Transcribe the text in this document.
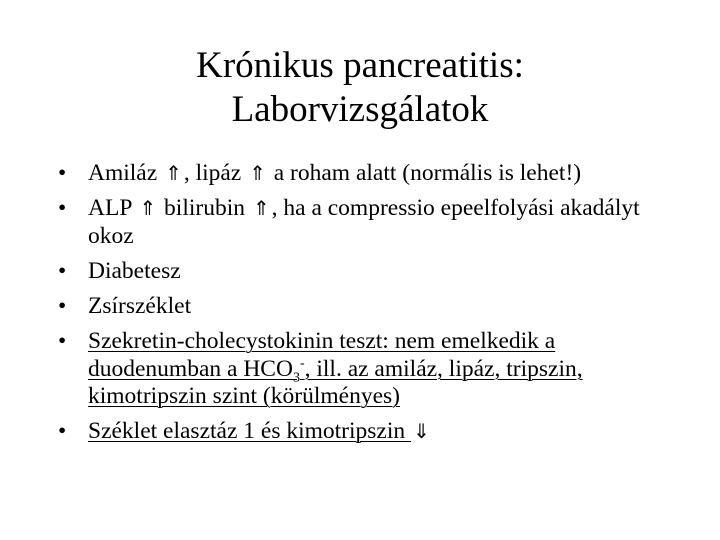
Krónikus pancreatitis:
Laborvizsgálatok
• Amiláz ⇑, lipáz ⇑ a roham alatt (normális is lehet!)
• ALP ⇑ bilirubin ⇑, ha a compressio epeelfolyási akadályt okoz
• Diabetesz
• Zsírszéklet
• Szekretin-cholecystokinin teszt: nem emelkedik a duodenumban a $HCO_3^-$, ill. az amiláz, lipáz, tripszin, kimotripszin szint (körülményes)
• Széklet elasztáz 1 és kimotripszin ⇓
